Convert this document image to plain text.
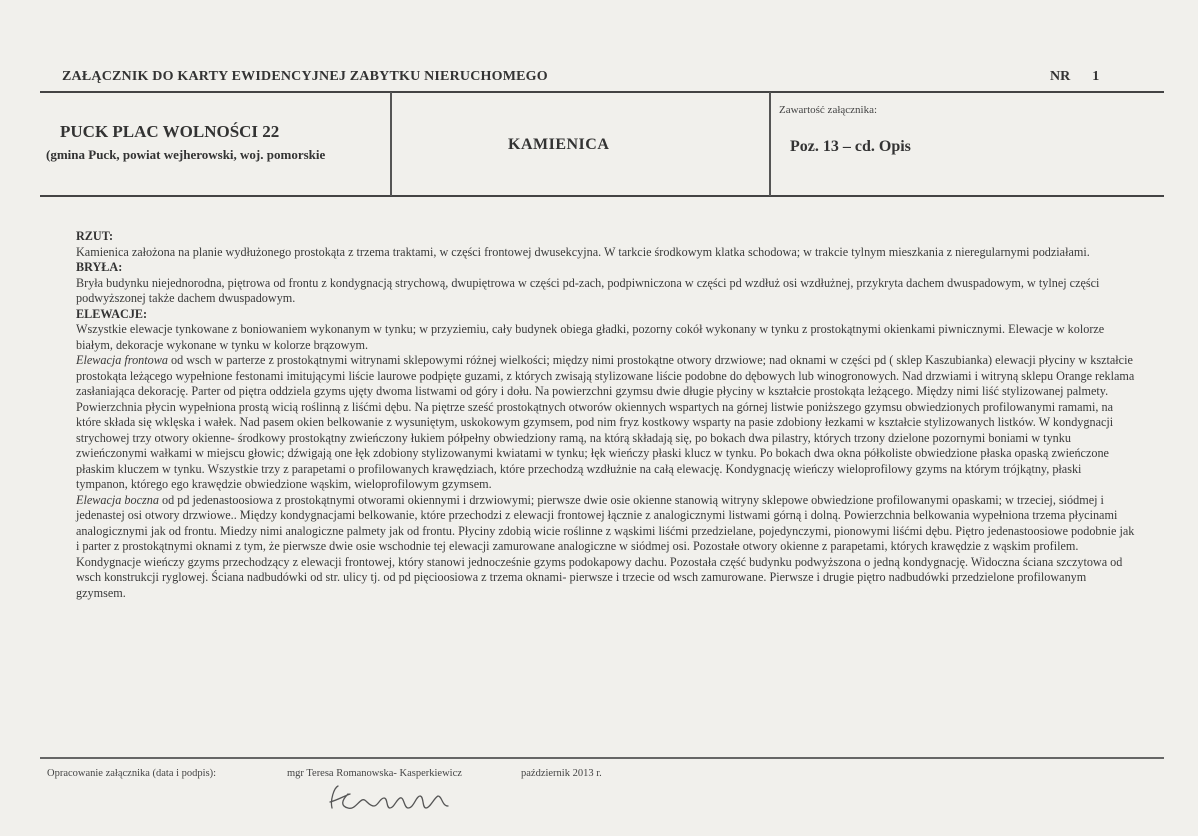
ZAŁĄCZNIK DO KARTY EWIDENCYJNEJ ZABYTKU NIERUCHOMEGO	NR 1
PUCK PLAC WOLNOŚCI 22
(gmina Puck, powiat wejherowski, woj. pomorskie
KAMIENICA
Zawartość załącznika:
Poz. 13 – cd. Opis

RZUT:

Kamienica założona na planie wydłużonego prostokąta z trzema traktami, w części frontowej dwusekcyjna. W tarkcie środkowym klatka schodowa; w trakcie tylnym mieszkania z nieregularnymi podziałami.

BRYŁA:

Bryła budynku niejednorodna, piętrowa od frontu z kondygnacją strychową, dwupiętrowa w części pd-zach, podpiwniczona w części pd wzdłuż osi wzdłużnej, przykryta dachem dwuspadowym, w tylnej części podwyższonej także dachem dwuspadowym.

ELEWACJE:

Wszystkie elewacje tynkowane z boniowaniem wykonanym w tynku; w przyziemiu, cały budynek obiega gładki, pozorny cokół wykonany w tynku z prostokątnymi okienkami piwnicznymi. Elewacje w kolorze białym, dekoracje wykonane w tynku w kolorze brązowym.

Elewacja frontowa od wsch w parterze z prostokątnymi witrynami sklepowymi różnej wielkości; między nimi prostokątne otwory drzwiowe; nad oknami w części pd ( sklep Kaszubianka) elewacji płyciny w kształcie prostokąta leżącego wypełnione festonami imitującymi liście laurowe podpięte guzami, z których zwisają stylizowane liście podobne do dębowych lub winogronowych. Nad drzwiami i witryną sklepu Orange reklama zasłaniająca dekorację. Parter od piętra oddziela gzyms ujęty dwoma listwami od góry i dołu. Na powierzchni gzymsu dwie długie płyciny w kształcie prostokąta leżącego. Między nimi liść stylizowanej palmety. Powierzchnia płycin wypełniona prostą wicią roślinną z liśćmi dębu. Na piętrze sześć prostokątnych otworów okiennych wspartych na górnej listwie poniższego gzymsu obwiedzionych profilowanymi ramami, na które składa się wklęska i wałek. Nad pasem okien belkowanie z wysuniętym, uskokowym gzymsem, pod nim fryz kostkowy wsparty na pasie zdobiony łezkami w kształcie stylizowanych listków. W kondygnacji strychowej trzy otwory okienne- środkowy prostokątny zwieńczony łukiem półpełny obwiedziony ramą, na którą składają się, po bokach dwa pilastry, których trzony dzielone pozornymi boniami w tynku zwieńczonymi wałkami w miejscu głowic; dźwigają one łęk zdobiony stylizowanymi kwiatami w tynku; łęk wieńczy płaski klucz w tynku. Po bokach dwa okna półkoliste obwiedzione płaska opaską zwieńczone płaskim kluczem w tynku. Wszystkie trzy z parapetami o profilowanych krawędziach, które przechodzą wzdłużnie na całą elewację. Kondygnację wieńczy wieloprofilowy gzyms na którym trójkątny, płaski tympanon, którego ego krawędzie obwiedzione wąskim, wieloprofilowym gzymsem.

Elewacja boczna od pd jedenastoosiowa z prostokątnymi otworami okiennymi i drzwiowymi; pierwsze dwie osie okienne stanowią witryny sklepowe obwiedzione profilowanymi opaskami; w trzeciej, siódmej i jedenastej osi otwory drzwiowe.. Między kondygnacjami belkowanie, które przechodzi z elewacji frontowej łącznie z analogicznymi listwami górną i dolną. Powierzchnia belkowania wypełniona trzema płycinami analogicznymi jak od frontu. Miedzy nimi analogiczne palmety jak od frontu. Płyciny zdobią wicie roślinne z wąskimi liśćmi przedzielane, pojedynczymi, pionowymi liśćmi dębu. Piętro jedenastoosiowe podobnie jak i parter z prostokątnymi oknami z tym, że pierwsze dwie osie wschodnie tej elewacji zamurowane analogiczne w siódmej osi. Pozostałe otwory okienne z parapetami, których krawędzie z wąskim profilem. Kondygnacje wieńczy gzyms przechodzący z elewacji frontowej, który stanowi jednocześnie gzyms podokapowy dachu. Pozostała część budynku podwyższona o jedną kondygnację. Widoczna ściana szczytowa od wsch konstrukcji ryglowej. Ściana nadbudówki od str. ulicy tj. od pd pięcioosiowa z trzema oknami- pierwsze i trzecie od wsch zamurowane. Pierwsze i drugie piętro nadbudówki przedzielone profilowanym gzymsem.

Opracowanie załącznika (data i podpis):	mgr Teresa Romanowska- Kasperkiewicz	październik 2013 r.
